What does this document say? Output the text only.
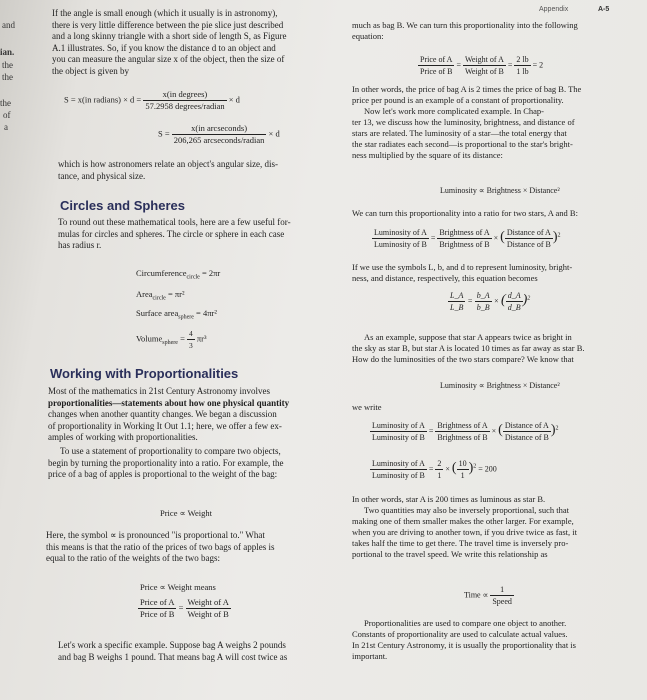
Appendix	A-5
and
ian.
the
the
the
of
a

If the angle is small enough (which it usually is in astronomy),

there is very little difference between the pie slice just described

and a long skinny triangle with a short side of length S, as Figure

A.1 illustrates. So, if you know the distance d to an object and

you can measure the angular size x of the object, then the size of

the object is given by

S = x(in radians) × $d = \frac{\text{x(in degrees)}}{\text{57.2958 degrees/radian}} \times d$
$S = \frac{\text{x(in arcseconds)}}{\text{206,265 arcseconds/radian}} \times d$

which is how astronomers relate an object's angular size, dis-

tance, and physical size.

Circles and Spheres

To round out these mathematical tools, here are a few useful for-

mulas for circles and spheres. The circle or sphere in each case

has radius r.

Circumference$_{circle}$ = 2πr
Area$_{circle}$ = πr²
Surface area$_{sphere}$ = 4πr²
Volume$_{sphere}$ = $\frac{4}{3} \pi r^3$
Working with Proportionalities

Most of the mathematics in 21st Century Astronomy involves

proportionalities—statements about how one physical quantity

changes when another quantity changes. We began a discussion

of proportionality in Working It Out 1.1; here, we offer a few ex-

amples of working with proportionalities.

To use a statement of proportionality to compare two objects,

begin by turning the proportionality into a ratio. For example, the

price of a bag of apples is proportional to the weight of the bag:

Price ∝ Weight

Here, the symbol ∝ is pronounced "is proportional to." What

this means is that the ratio of the prices of two bags of apples is

equal to the ratio of the weights of the two bags:

Price ∝ Weight means
$\frac{\text{Price of A}}{\text{Price of B}} = \frac{\text{Weight of A}}{\text{Weight of B}}$

Let's work a specific example. Suppose bag A weighs 2 pounds

and bag B weighs 1 pound. That means bag A will cost twice as

much as bag B. We can turn this proportionality into the following

equation:

$\frac{\text{Price of A}}{\text{Price of B}} = \frac{\text{Weight of A}}{\text{Weight of B}} = \frac{2 lb}{1 lb} = 2$

In other words, the price of bag A is 2 times the price of bag B. The

price per pound is an example of a constant of proportionality.

Now let's work more complicated example. In Chap-

ter 13, we discuss how the luminosity, brightness, and distance of

stars are related. The luminosity of a star—the total energy that

the star radiates each second—is proportional to the star's bright-

ness multiplied by the square of its distance:

Luminosity ∝ Brightness × Distance²
We can turn this proportionality into a ratio for two stars, A and B:
$\frac{\text{Luminosity of A}}{\text{Luminosity of B}} = \frac{\text{Brightness of A}}{\text{Brightness of B}}$ × ( $\frac{\text{Distance of A}}{\text{Distance of B}} )^2$

If we use the symbols L, b, and d to represent luminosity, bright-

ness, and distance, respectively, this equation becomes

$\frac{L\_A}{L\_B} = \frac{b\_A}{b\_B}$ × ( $\frac{d\_A}{d\_B} )^2$

As an example, suppose that star A appears twice as bright in

the sky as star B, but star A is located 10 times as far away as star B.

How do the luminosities of the two stars compare? We know that

Luminosity ∝ Brightness × Distance²
we write
$\frac{\text{Luminosity of A}}{\text{Luminosity of B}} = \frac{\text{Brightness of A}}{\text{Brightness of B}}$ × ( $\frac{\text{Distance of A}}{\text{Distance of B}} )^2$
$\frac{\text{Luminosity of A}}{\text{Luminosity of B}} = \frac{2}{1}$ × ( $\frac{10}{1} )^2 = 200$

In other words, star A is 200 times as luminous as star B.

Two quantities may also be inversely proportional, such that

making one of them smaller makes the other larger. For example,

when you are driving to another town, if you drive twice as fast, it

takes half the time to get there. The travel time is inversely pro-

portional to the travel speed. We write this relationship as

Time ∝ $\frac{1}{\text{Speed}}$

Proportionalities are used to compare one object to another.

Constants of proportionality are used to calculate actual values.

In 21st Century Astronomy, it is usually the proportionality that is

important.
